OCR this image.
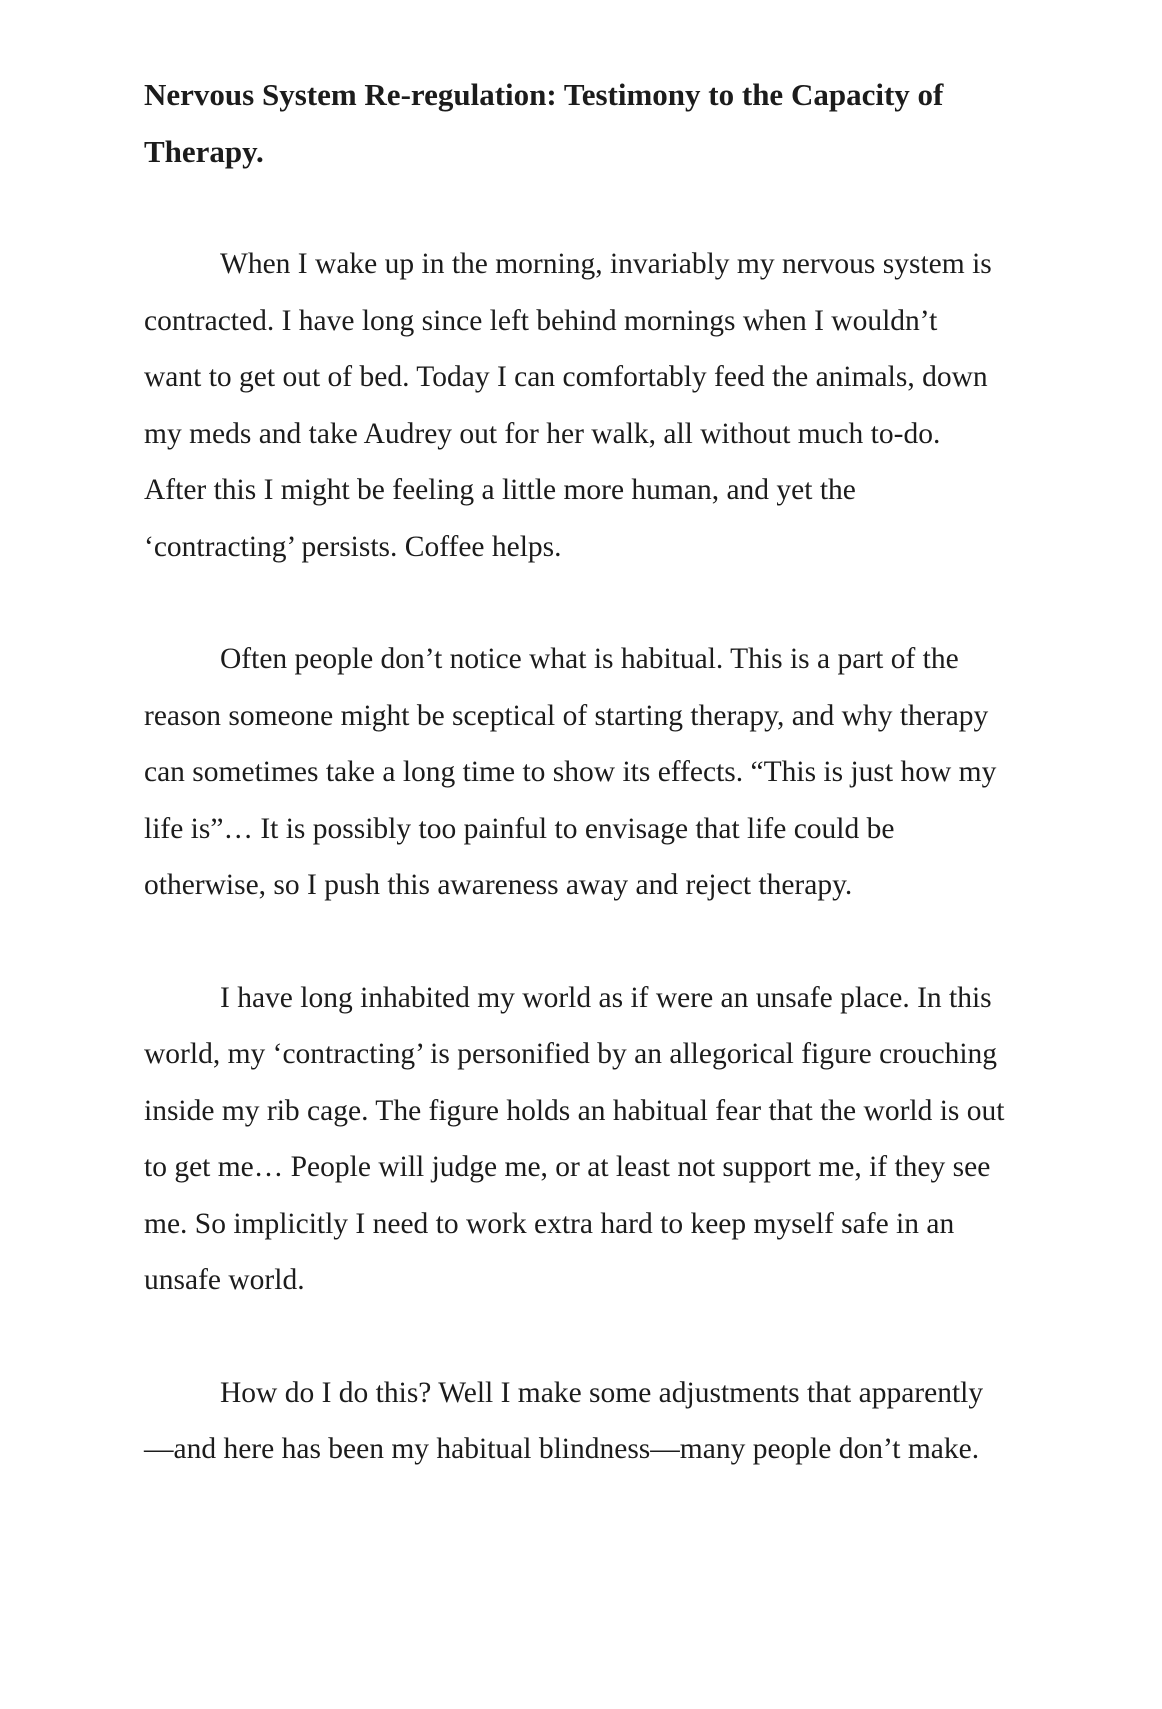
Nervous System Re-regulation: Testimony to the Capacity of
Therapy.

When I wake up in the morning, invariably my nervous system is
contracted. I have long since left behind mornings when I wouldn’t
want to get out of bed. Today I can comfortably feed the animals, down
my meds and take Audrey out for her walk, all without much to-do.
After this I might be feeling a little more human, and yet the
‘contracting’ persists. Coffee helps.

Often people don’t notice what is habitual. This is a part of the
reason someone might be sceptical of starting therapy, and why therapy
can sometimes take a long time to show its effects. “This is just how my
life is”… It is possibly too painful to envisage that life could be
otherwise, so I push this awareness away and reject therapy.

I have long inhabited my world as if were an unsafe place. In this
world, my ‘contracting’ is personified by an allegorical figure crouching
inside my rib cage. The figure holds an habitual fear that the world is out
to get me… People will judge me, or at least not support me, if they see
me. So implicitly I need to work extra hard to keep myself safe in an
unsafe world.

How do I do this? Well I make some adjustments that apparently
—and here has been my habitual blindness—many people don’t make.
